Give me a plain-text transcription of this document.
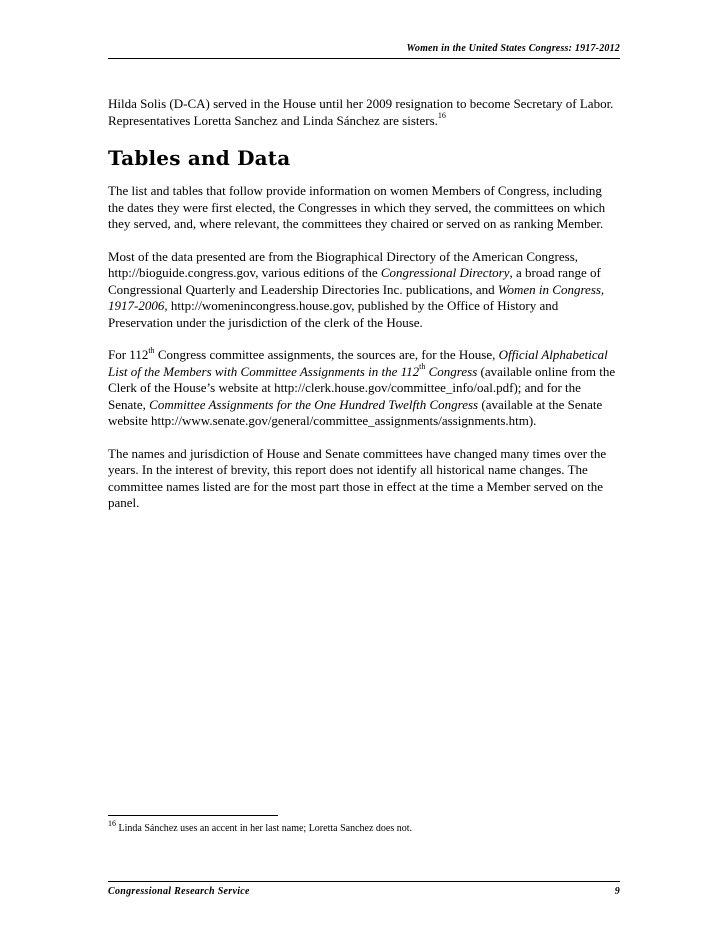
Women in the United States Congress: 1917-2012

Hilda Solis (D-CA) served in the House until her 2009 resignation to become Secretary of Labor. Representatives Loretta Sanchez and Linda Sánchez are sisters.$^{16}$

Tables and Data

The list and tables that follow provide information on women Members of Congress, including the dates they were first elected, the Congresses in which they served, the committees on which they served, and, where relevant, the committees they chaired or served on as ranking Member.

Most of the data presented are from the Biographical Directory of the American Congress, http://bioguide.congress.gov, various editions of the Congressional Directory, a broad range of Congressional Quarterly and Leadership Directories Inc. publications, and Women in Congress, 1917-2006, http://womenincongress.house.gov, published by the Office of History and Preservation under the jurisdiction of the clerk of the House.

For 112th Congress committee assignments, the sources are, for the House, Official Alphabetical List of the Members with Committee Assignments in the 112th Congress (available online from the Clerk of the House’s website at http://clerk.house.gov/committee_info/oal.pdf); and for the Senate, Committee Assignments for the One Hundred Twelfth Congress (available at the Senate website http://www.senate.gov/general/committee_assignments/assignments.htm).

The names and jurisdiction of House and Senate committees have changed many times over the years. In the interest of brevity, this report does not identify all historical name changes. The committee names listed are for the most part those in effect at the time a Member served on the panel.

$^{16}$ Linda Sánchez uses an accent in her last name; Loretta Sanchez does not.
Congressional Research Service	9
